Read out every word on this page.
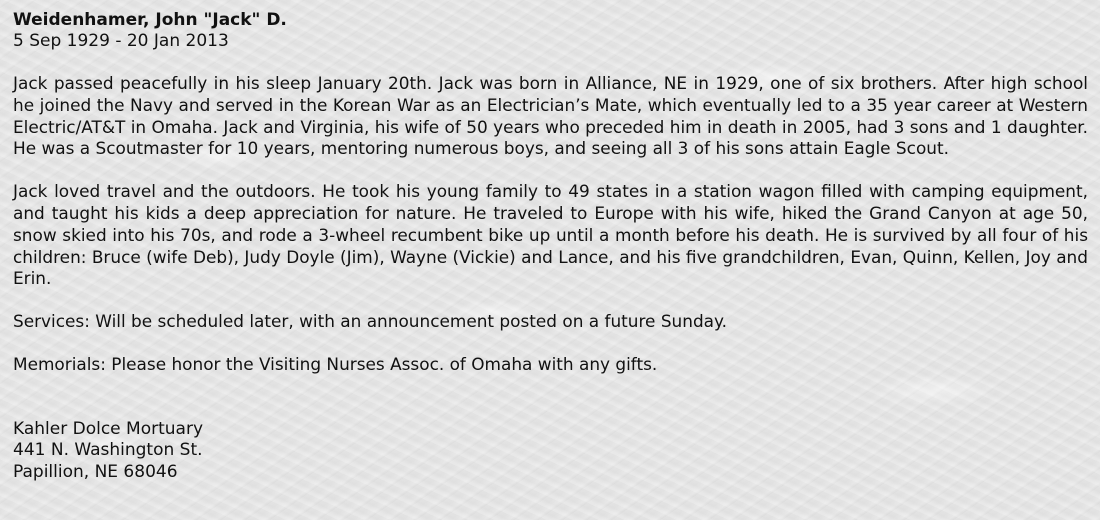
Weidenhamer, John "Jack" D.
5 Sep 1929 - 20 Jan 2013

Jack passed peacefully in his sleep January 20th. Jack was born in Alliance, NE in 1929, one of six brothers. After high school he joined the Navy and served in the Korean War as an Electrician’s Mate, which eventually led to a 35 year career at Western Electric/AT&T in Omaha. Jack and Virginia, his wife of 50 years who preceded him in death in 2005, had 3 sons and 1 daughter. He was a Scoutmaster for 10 years, mentoring numerous boys, and seeing all 3 of his sons attain Eagle Scout.

Jack loved travel and the outdoors. He took his young family to 49 states in a station wagon filled with camping equipment, and taught his kids a deep appreciation for nature. He traveled to Europe with his wife, hiked the Grand Canyon at age 50, snow skied into his 70s, and rode a 3-wheel recumbent bike up until a month before his death. He is survived by all four of his children: Bruce (wife Deb), Judy Doyle (Jim), Wayne (Vickie) and Lance, and his five grandchildren, Evan, Quinn, Kellen, Joy and Erin.

Services: Will be scheduled later, with an announcement posted on a future Sunday.

Memorials: Please honor the Visiting Nurses Assoc. of Omaha with any gifts.

Kahler Dolce Mortuary
441 N. Washington St.
Papillion, NE 68046
